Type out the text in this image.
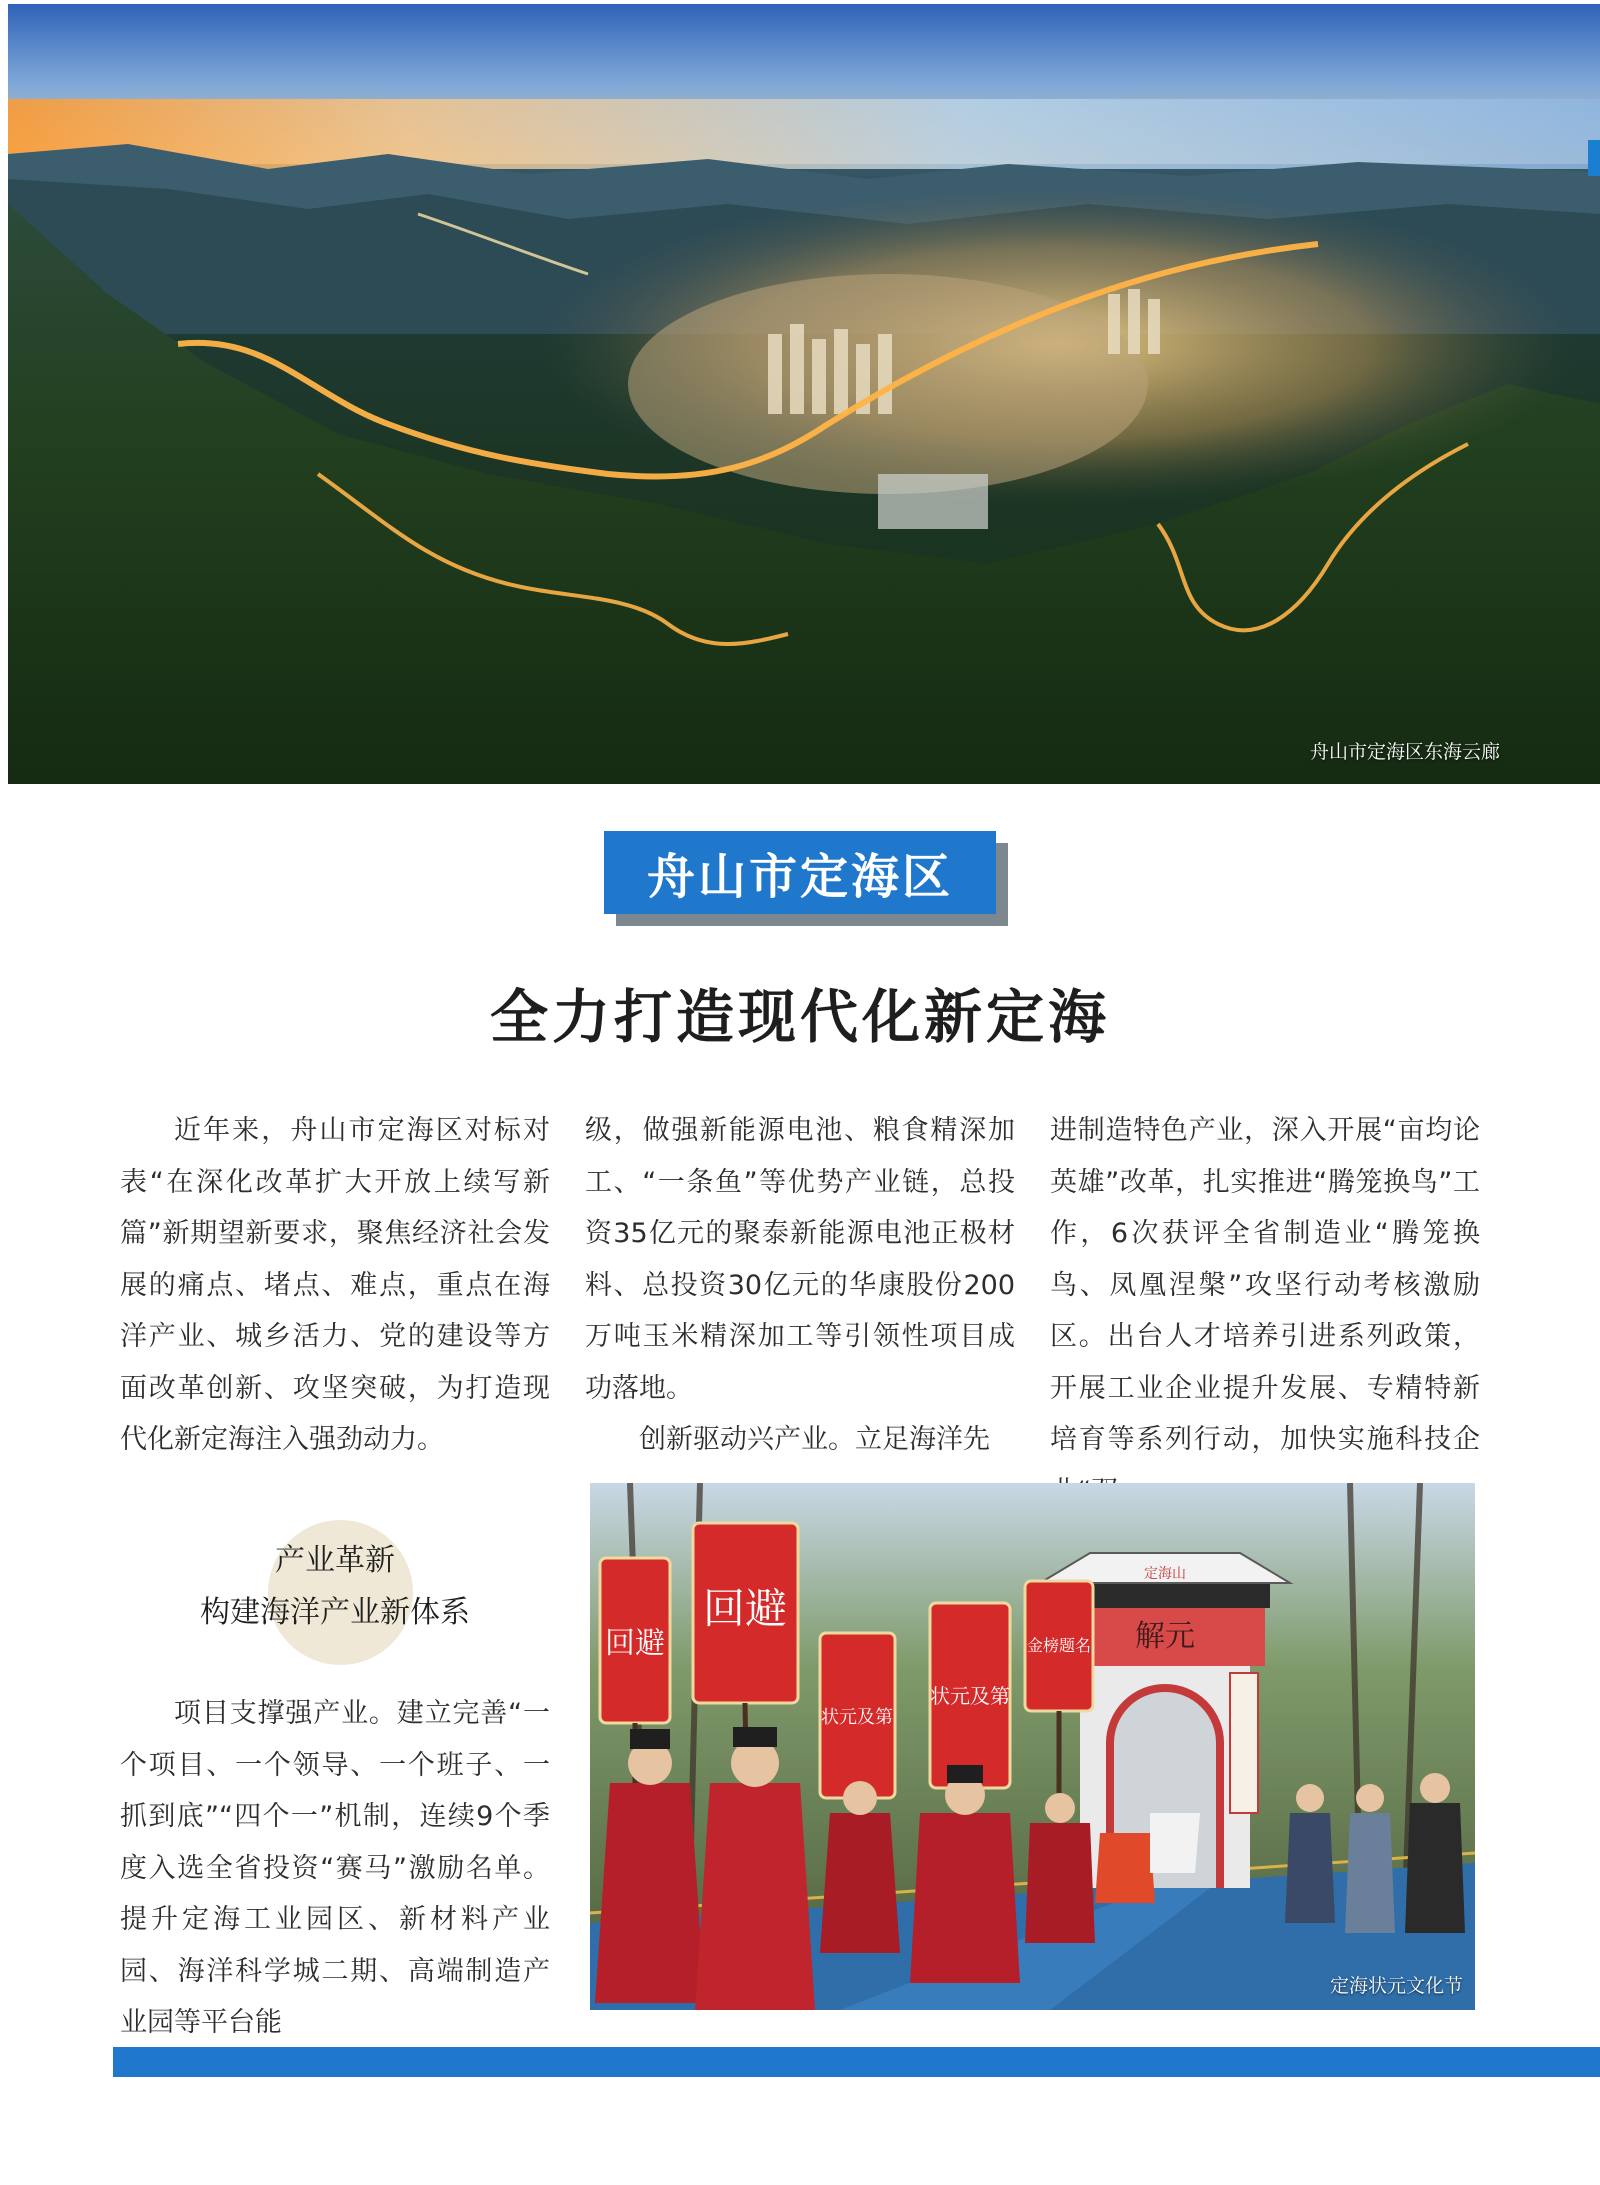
舟山市定海区东海云廊
舟山市定海区
全力打造现代化新定海

近年来，舟山市定海区对标对表“在深化改革扩大开放上续写新篇”新期望新要求，聚焦经济社会发展的痛点、堵点、难点，重点在海洋产业、城乡活力、党的建设等方面改革创新、攻坚突破，为打造现代化新定海注入强劲动力。

产业革新
构建海洋产业新体系

项目支撑强产业。建立完善“一个项目、一个领导、一个班子、一抓到底”“四个一”机制，连续9个季度入选全省投资“赛马”激励名单。提升定海工业园区、新材料产业园、海洋科学城二期、高端制造产业园等平台能

级，做强新能源电池、粮食精深加工、“一条鱼”等优势产业链，总投资35亿元的聚泰新能源电池正极材料、总投资30亿元的华康股份200万吨玉米精深加工等引领性项目成功落地。

创新驱动兴产业。立足海洋先

进制造特色产业，深入开展“亩均论英雄”改革，扎实推进“腾笼换鸟”工作，6次获评全省制造业“腾笼换鸟、凤凰涅槃”攻坚行动考核激励区。出台人才培养引进系列政策，开展工业企业提升发展、专精特新培育等系列行动，加快实施科技企

解元
定海山
回避
回避
状元及第
状元及第
金榜题名
定海状元文化节
